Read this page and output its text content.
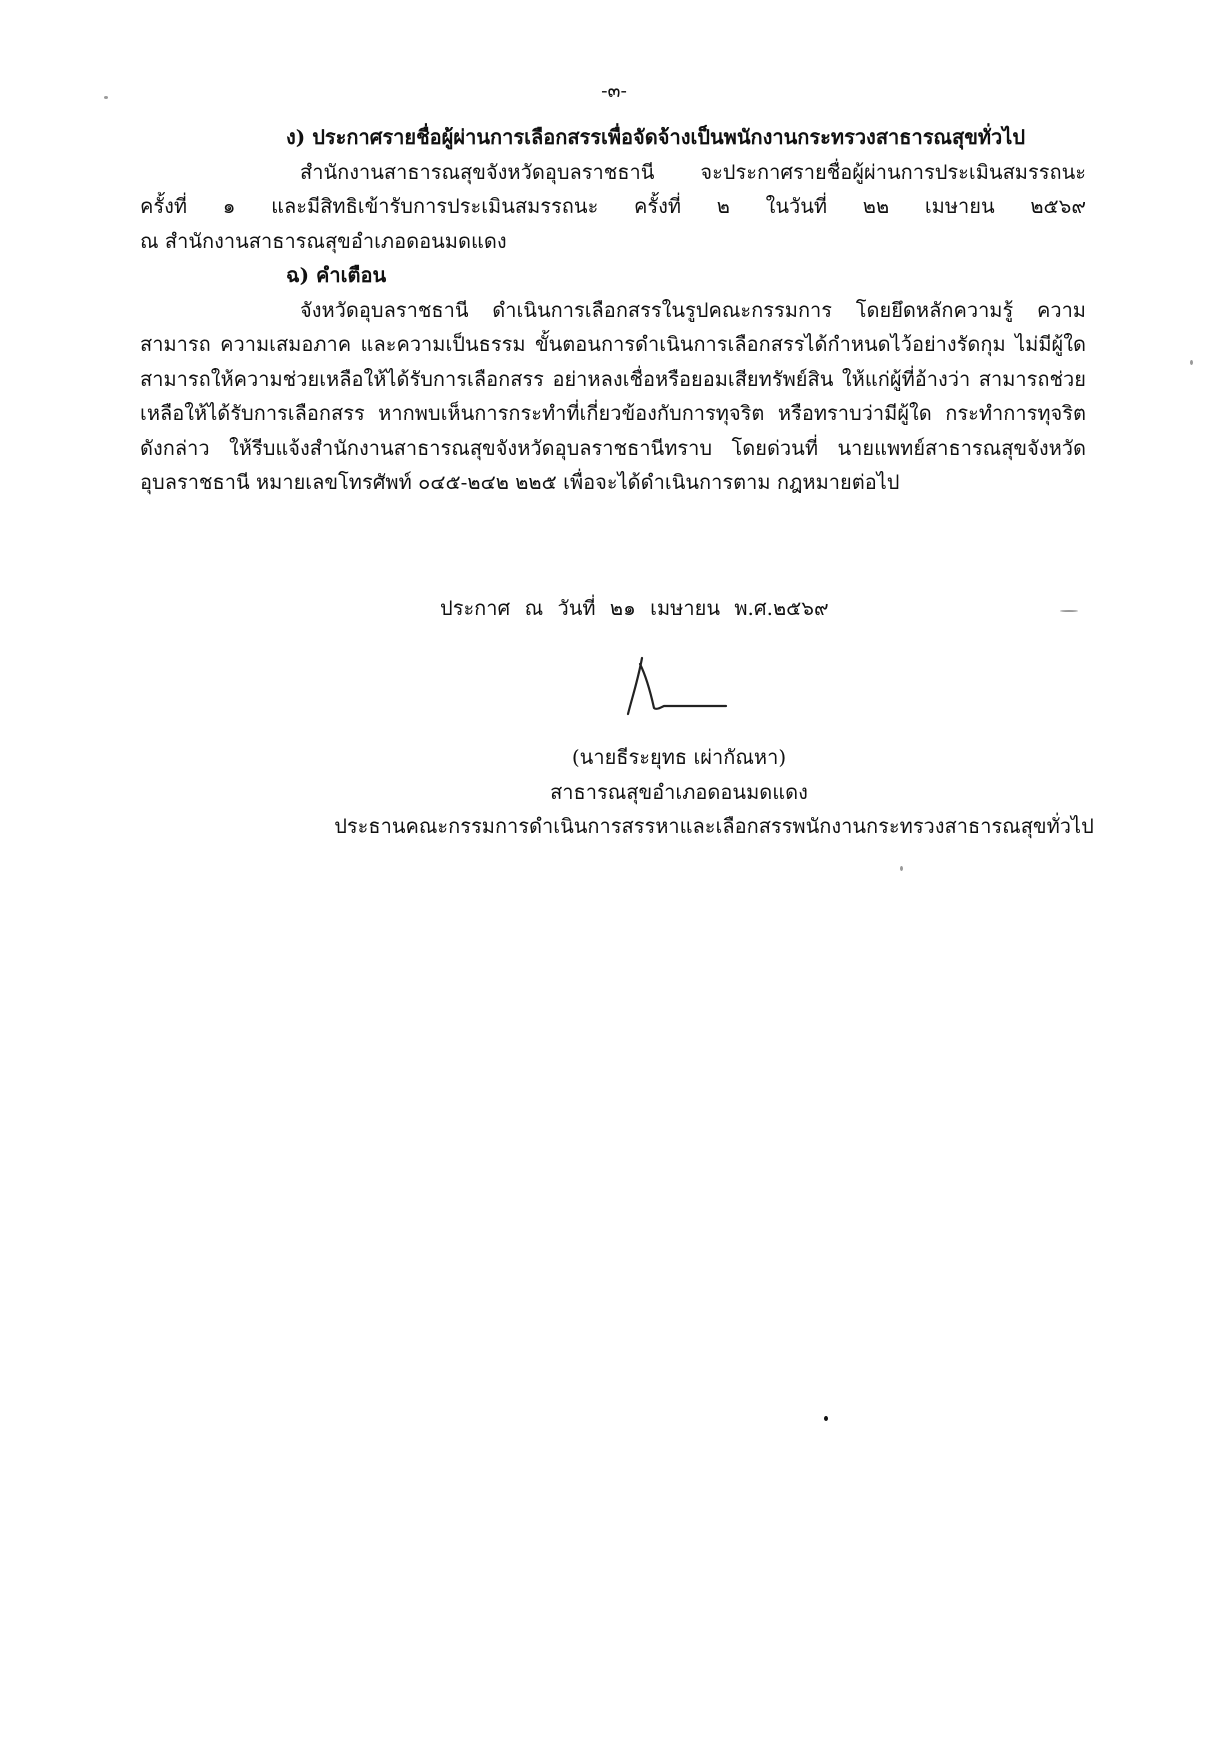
-๓-
ง) ประกาศรายชื่อผู้ผ่านการเลือกสรรเพื่อจัดจ้างเป็นพนักงานกระทรวงสาธารณสุขทั่วไป
สำนักงานสาธารณสุขจังหวัดอุบลราชธานี จะประกาศรายชื่อผู้ผ่านการประเมินสมรรถนะ
ครั้งที่ ๑ และมีสิทธิเข้ารับการประเมินสมรรถนะ ครั้งที่ ๒ ในวันที่ ๒๒ เมษายน ๒๕๖๙
ณ สำนักงานสาธารณสุขอำเภอดอนมดแดง
ฉ) คำเตือน
จังหวัดอุบลราชธานี ดำเนินการเลือกสรรในรูปคณะกรรมการ โดยยึดหลักความรู้ ความสามารถ ความเสมอภาค และความเป็นธรรม ขั้นตอนการดำเนินการเลือกสรรได้กำหนดไว้อย่างรัดกุม ไม่มีผู้ใดสามารถให้ความช่วยเหลือให้ได้รับการเลือกสรร อย่าหลงเชื่อหรือยอมเสียทรัพย์สิน ให้แก่ผู้ที่อ้างว่า สามารถช่วยเหลือให้ได้รับการเลือกสรร หากพบเห็นการกระทำที่เกี่ยวข้องกับการทุจริต หรือทราบว่ามีผู้ใด กระทำการทุจริตดังกล่าว ให้รีบแจ้งสำนักงานสาธารณสุขจังหวัดอุบลราชธานีทราบ โดยด่วนที่ นายแพทย์สาธารณสุขจังหวัดอุบลราชธานี หมายเลขโทรศัพท์ ๐๔๕-๒๔๒ ๒๒๕ เพื่อจะได้ดำเนินการตาม กฎหมายต่อไป
ประกาศ ณ วันที่ ๒๑ เมษายน พ.ศ.๒๕๖๙
(นายธีระยุทธ เผ่ากัณหา)
สาธารณสุขอำเภอดอนมดแดง
ประธานคณะกรรมการดำเนินการสรรหาและเลือกสรรพนักงานกระทรวงสาธารณสุขทั่วไป
